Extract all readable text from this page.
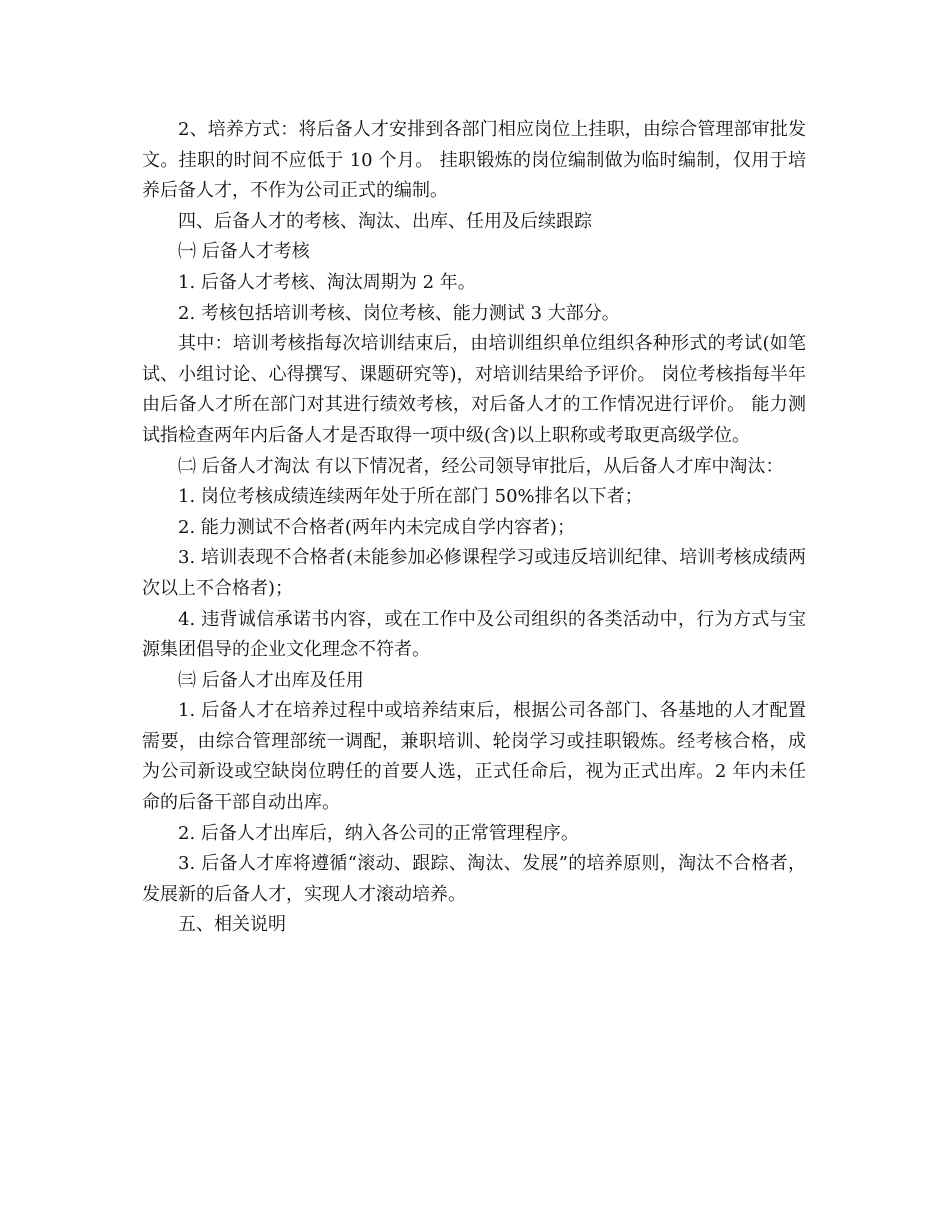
2、培养方式：将后备人才安排到各部门相应岗位上挂职，由综合管理部审批发文。挂职的时间不应低于 10 个月。 挂职锻炼的岗位编制做为临时编制，仅用于培养后备人才，不作为公司正式的编制。

四、后备人才的考核、淘汰、出库、任用及后续跟踪

㈠ 后备人才考核

1. 后备人才考核、淘汰周期为 2 年。

2. 考核包括培训考核、岗位考核、能力测试 3 大部分。

其中：培训考核指每次培训结束后，由培训组织单位组织各种形式的考试(如笔试、小组讨论、心得撰写、课题研究等)，对培训结果给予评价。 岗位考核指每半年由后备人才所在部门对其进行绩效考核，对后备人才的工作情况进行评价。 能力测试指检查两年内后备人才是否取得一项中级(含)以上职称或考取更高级学位。

㈡ 后备人才淘汰 有以下情况者，经公司领导审批后，从后备人才库中淘汰：

1. 岗位考核成绩连续两年处于所在部门 50%排名以下者；

2. 能力测试不合格者(两年内未完成自学内容者)；

3. 培训表现不合格者(未能参加必修课程学习或违反培训纪律、培训考核成绩两次以上不合格者)；

4. 违背诚信承诺书内容，或在工作中及公司组织的各类活动中，行为方式与宝源集团倡导的企业文化理念不符者。

㈢ 后备人才出库及任用

1. 后备人才在培养过程中或培养结束后，根据公司各部门、各基地的人才配置需要，由综合管理部统一调配，兼职培训、轮岗学习或挂职锻炼。经考核合格，成为公司新设或空缺岗位聘任的首要人选，正式任命后，视为正式出库。2 年内未任命的后备干部自动出库。

2. 后备人才出库后，纳入各公司的正常管理程序。

3. 后备人才库将遵循“滚动、跟踪、淘汰、发展”的培养原则，淘汰不合格者，发展新的后备人才，实现人才滚动培养。

五、相关说明
